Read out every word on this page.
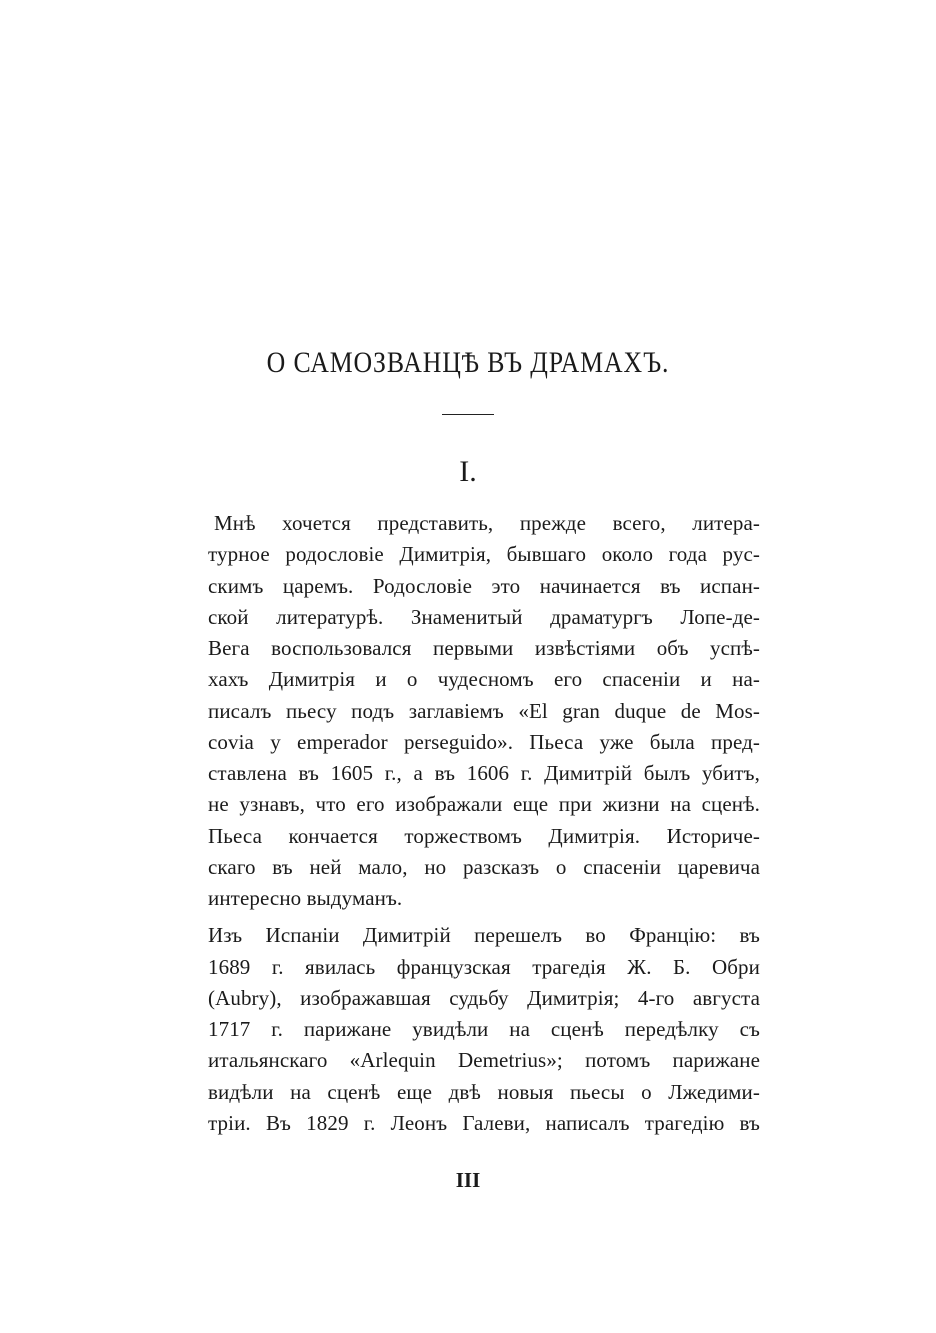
О САМОЗВАНЦѢ ВЪ ДРАМАХЪ.
I.
Мнѣ хочется представить, прежде всего, литера-
турное родословіе Димитрія, бывшаго около года рус-
скимъ царемъ. Родословіе это начинается въ испан-
ской литературѣ. Знаменитый драматургъ Лопе-де-
Вега воспользовался первыми извѣстіями объ успѣ-
хахъ Димитрія и о чудесномъ его спасеніи и на-
писалъ пьесу подъ заглавіемъ «El gran duque de Mos-
covia y emperador perseguido». Пьеса уже была пред-
ставлена въ 1605 г., а въ 1606 г. Димитрій былъ убитъ,
не узнавъ, что его изображали еще при жизни на сценѣ.
Пьеса кончается торжествомъ Димитрія. Историче-
скаго въ ней мало, но разсказъ о спасеніи царевича
интересно выдуманъ.
Изъ Испаніи Димитрій перешелъ во Францію: въ
1689 г. явилась французская трагедія Ж. Б. Обри
(Aubry), изображавшая судьбу Димитрія; 4-го августа
1717 г. парижане увидѣли на сценѣ передѣлку съ
итальянскаго «Arlequin Demetrius»; потомъ парижане
видѣли на сценѣ еще двѣ новыя пьесы о Лжедими-
тріи. Въ 1829 г. Леонъ Галеви, написалъ трагедію въ
III
